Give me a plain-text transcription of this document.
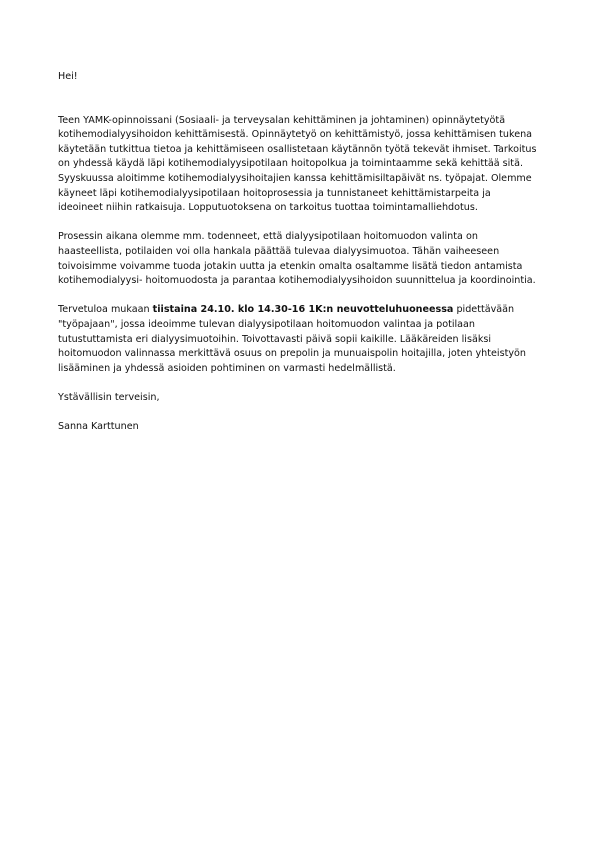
Hei!

Teen YAMK-opinnoissani (Sosiaali- ja terveysalan kehittäminen ja johtaminen) opinnäytetyötä kotihemodialyysihoidon kehittämisestä. Opinnäytetyö on kehittämistyö, jossa kehittämisen tukena käytetään tutkittua tietoa ja kehittämiseen osallistetaan käytännön työtä tekevät ihmiset. Tarkoitus on yhdessä käydä läpi kotihemodialyysipotilaan hoitopolkua ja toimintaamme sekä kehittää sitä. Syyskuussa aloitimme kotihemodialyysihoitajien kanssa kehittämisiltapäivät ns. työpajat. Olemme käyneet läpi kotihemodialyysipotilaan hoitoprosessia ja tunnistaneet kehittämistarpeita ja ideoineet niihin ratkaisuja. Lopputuotoksena on tarkoitus tuottaa toimintamalliehdotus.

Prosessin aikana olemme mm. todenneet, että dialyysipotilaan hoitomuodon valinta on haasteellista, potilaiden voi olla hankala päättää tulevaa dialyysimuotoa. Tähän vaiheeseen toivoisimme voivamme tuoda jotakin uutta ja etenkin omalta osaltamme lisätä tiedon antamista kotihemodialyysi- hoitomuodosta ja parantaa kotihemodialyysihoidon suunnittelua ja koordinointia.

Tervetuloa mukaan tiistaina 24.10. klo 14.30-16 1K:n neuvotteluhuoneessa pidettävään "työpajaan", jossa ideoimme tulevan dialyysipotilaan hoitomuodon valintaa ja potilaan tutustuttamista eri dialyysimuotoihin. Toivottavasti päivä sopii kaikille. Lääkäreiden lisäksi hoitomuodon valinnassa merkittävä osuus on prepolin ja munuaispolin hoitajilla, joten yhteistyön lisääminen ja yhdessä asioiden pohtiminen on varmasti hedelmällistä.

Ystävällisin terveisin,

Sanna Karttunen
